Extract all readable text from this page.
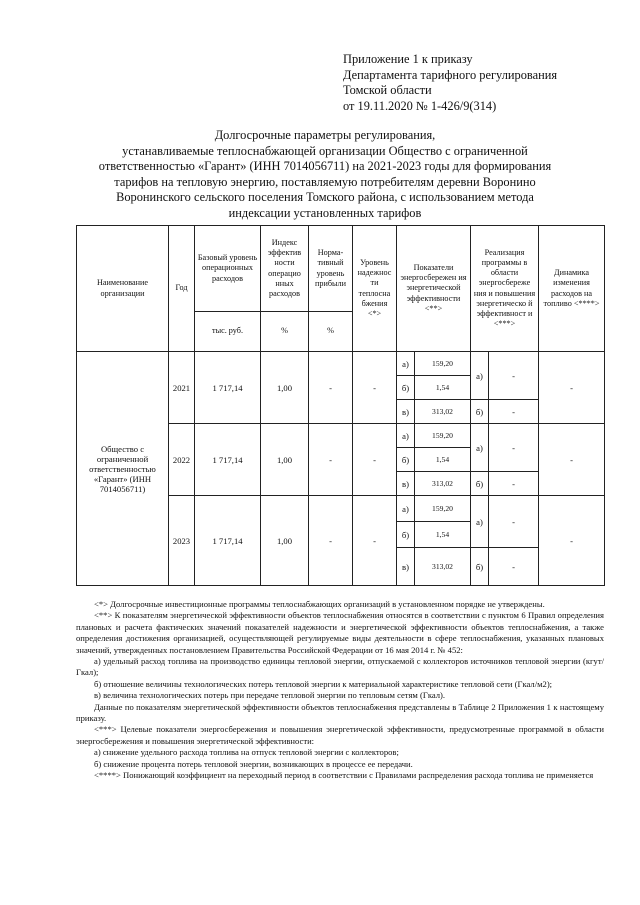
Приложение 1 к приказу
Департамента тарифного регулирования
Томской области
от 19.11.2020 № 1-426/9(314)
Долгосрочные параметры регулирования,
устанавливаемые теплоснабжающей организации Общество с ограниченной
ответственностью «Гарант» (ИНН 7014056711) на 2021-2023 годы для формирования
тарифов на тепловую энергию, поставляемую потребителям деревни Воронино
Воронинского сельского поселения Томского района, с использованием метода
индексации установленных тарифов
Наименование организации	Год	Базовый уровень операционных расходов	Индекс эффектив ности операцио нных расходов	Норма- тивный уровень прибыли	Уровень надежнос ти теплосна бжения <*>	Показатели энергосбережен ия энергетической эффективности <**>		Реализация программы в области энергосбереже ния и повышения энергетическо й эффективност и <***>		Динамика изменения расходов на топливо <****>
		тыс. руб.	%	%						
Общество с ограниченной ответственностью «Гарант» (ИНН 7014056711)	2021	1 717,14	1,00	-	-	а)	159,20	а)	-	-
						б)	1,54			
						в)	313,02	б)	-	
	2022	1 717,14	1,00	-	-	а)	159,20	а)	-	-
						б)	1,54			
						в)	313,02	б)	-	
	2023	1 717,14	1,00	-	-	а)	159,20	а)	-	-
						б)	1,54			
						в)	313,02	б)	-	

<*> Долгосрочные инвестиционные программы теплоснабжающих организаций в установленном порядке не утверждены.

<**> К показателям энергетической эффективности объектов теплоснабжения относятся в соответствии с пунктом 6 Правил определения плановых и расчета фактических значений показателей надежности и энергетической эффективности объектов теплоснабжения, а также определения достижения организацией, осуществляющей регулируемые виды деятельности в сфере теплоснабжения, указанных плановых значений, утвержденных постановлением Правительства Российской Федерации от 16 мая 2014 г. № 452:

а) удельный расход топлива на производство единицы тепловой энергии, отпускаемой с коллекторов источников тепловой энергии (кгут/Гкал);

б) отношение величины технологических потерь тепловой энергии к материальной характеристике тепловой сети (Гкал/м2);

в) величина технологических потерь при передаче тепловой энергии по тепловым сетям (Гкал).

Данные по показателям энергетической эффективности объектов теплоснабжения представлены в Таблице 2 Приложения 1 к настоящему приказу.

<***> Целевые показатели энергосбережения и повышения энергетической эффективности, предусмотренные программой в области энергосбережения и повышения энергетической эффективности:

а) снижение удельного расхода топлива на отпуск тепловой энергии с коллекторов;

б) снижение процента потерь тепловой энергии, возникающих в процессе ее передачи.

<****> Понижающий коэффициент на переходный период в соответствии с Правилами распределения расхода топлива не применяется
